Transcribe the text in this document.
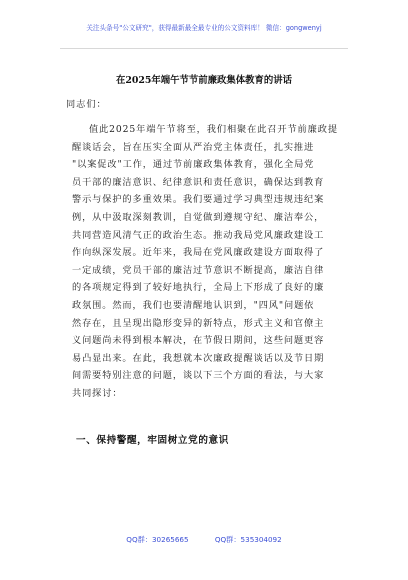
关注头条号"公文研究"，获得最新最全最专业的公文资料库！ 微信：gongwenyj
在2025年端午节节前廉政集体教育的讲话
同志们：
值此2025年端午节将至，我们相聚在此召开节前廉政提
醒谈话会，旨在压实全面从严治党主体责任，扎实推进
"以案促改"工作，通过节前廉政集体教育，强化全局党
员干部的廉洁意识、纪律意识和责任意识，确保达到教育
警示与保护的多重效果。我们要通过学习典型违规违纪案
例，从中汲取深刻教训，自觉做到遵规守纪、廉洁奉公，
共同营造风清气正的政治生态。推动我局党风廉政建设工
作向纵深发展。近年来，我局在党风廉政建设方面取得了
一定成绩，党员干部的廉洁过节意识不断提高，廉洁自律
的各项规定得到了较好地执行，全局上下形成了良好的廉
政氛围。然而，我们也要清醒地认识到，"四风"问题依
然存在，且呈现出隐形变异的新特点，形式主义和官僚主
义问题尚未得到根本解决，在节假日期间，这些问题更容
易凸显出来。在此，我想就本次廉政提醒谈话以及节日期
间需要特别注意的问题，谈以下三个方面的看法，与大家
共同探讨：
一、保持警醒，牢固树立党的意识
QQ群：30265665	QQ群：535304092
